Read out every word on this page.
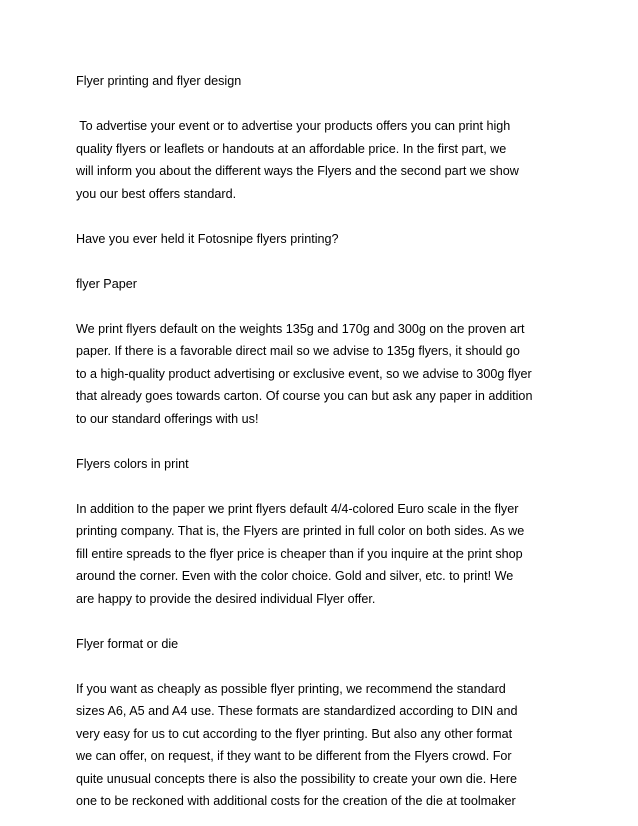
Flyer printing and flyer design
To advertise your event or to advertise your products offers you can print high
quality flyers or leaflets or handouts at an affordable price. In the first part, we
will inform you about the different ways the Flyers and the second part we show
you our best offers standard.
Have you ever held it Fotosnipe flyers printing?
flyer Paper
We print flyers default on the weights 135g and 170g and 300g on the proven art
paper. If there is a favorable direct mail so we advise to 135g flyers, it should go
to a high-quality product advertising or exclusive event, so we advise to 300g flyer
that already goes towards carton. Of course you can but ask any paper in addition
to our standard offerings with us!
Flyers colors in print
In addition to the paper we print flyers default 4/4-colored Euro scale in the flyer
printing company. That is, the Flyers are printed in full color on both sides. As we
fill entire spreads to the flyer price is cheaper than if you inquire at the print shop
around the corner. Even with the color choice. Gold and silver, etc. to print! We
are happy to provide the desired individual Flyer offer.
Flyer format or die
If you want as cheaply as possible flyer printing, we recommend the standard
sizes A6, A5 and A4 use. These formats are standardized according to DIN and
very easy for us to cut according to the flyer printing. But also any other format
we can offer, on request, if they want to be different from the Flyers crowd. For
quite unusual concepts there is also the possibility to create your own die. Here
one to be reckoned with additional costs for the creation of the die at toolmaker
